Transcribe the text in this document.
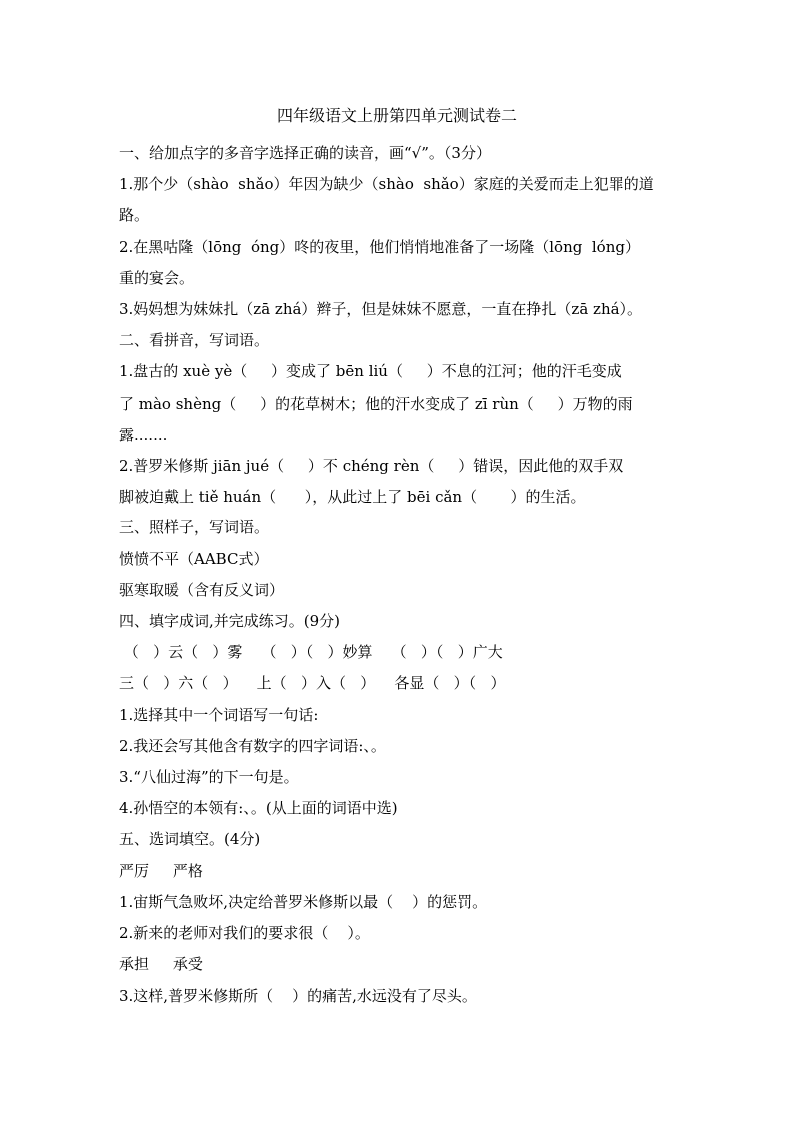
四年级语文上册第四单元测试卷二
一、给加点字的多音字选择正确的读音，画“√”。（3分）
1.那个少（shào  shǎo）年因为缺少（shào  shǎo）家庭的关爱而走上犯罪的道
路。
2.在黑咕隆（lōng  óng）咚的夜里，他们悄悄地准备了一场隆（lōng  lóng）
重的宴会。
3.妈妈想为妹妹扎（zā zhá）辫子，但是妹妹不愿意，一直在挣扎（zā zhá）。
二、看拼音，写词语。
1.盘古的 xuè yè（     ）变成了 bēn liú（     ）不息的江河；他的汗毛变成
了 mào shèng（     ）的花草树木；他的汗水变成了 zī rùn（     ）万物的雨
露.......
2.普罗米修斯 jiān jué（     ）不 chéng rèn（     ）错误，因此他的双手双
脚被迫戴上 tiě huán（      ），从此过上了 bēi cǎn（       ）的生活。
三、照样子，写词语。
愤愤不平（AABC式）
驱寒取暖（含有反义词）
四、填字成词,并完成练习。(9分)
（   ）云（   ）雾    （   ）（   ）妙算    （   ）（   ）广大
三（   ）六（   ）    上（   ）入（   ）    各显（   ）（   ）
1.选择其中一个词语写一句话:
2.我还会写其他含有数字的四字词语:、。
3.“八仙过海”的下一句是。
4.孙悟空的本领有:、。(从上面的词语中选)
五、选词填空。(4分)
严厉     严格
1.宙斯气急败坏,决定给普罗米修斯以最（    ）的惩罚。
2.新来的老师对我们的要求很（    ）。
承担     承受
3.这样,普罗米修斯所（    ）的痛苦,水远没有了尽头。
